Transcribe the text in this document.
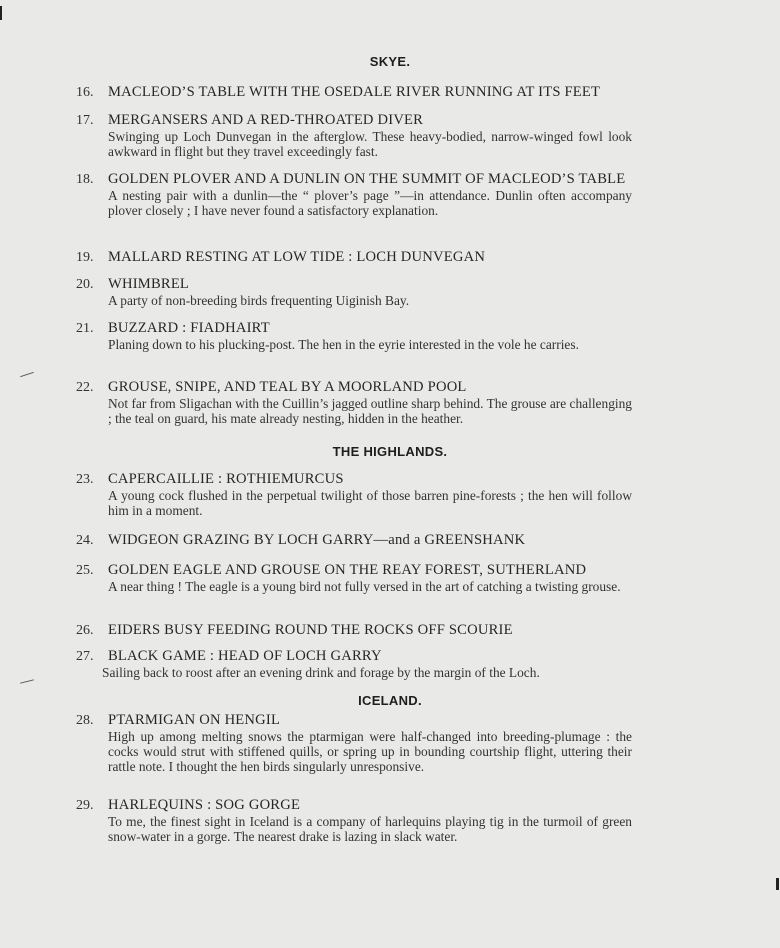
SKYE.
16. MACLEOD’S TABLE WITH THE OSEDALE RIVER RUNNING AT ITS FEET
17. MERGANSERS AND A RED-THROATED DIVER
Swinging up Loch Dunvegan in the afterglow. These heavy-bodied, narrow-winged fowl look awkward in flight but they travel exceedingly fast.
18. GOLDEN PLOVER AND A DUNLIN ON THE SUMMIT OF MACLEOD’S TABLE
A nesting pair with a dunlin—the “ plover’s page ”—in attendance. Dunlin often accompany plover closely ; I have never found a satisfactory explanation.
19. MALLARD RESTING AT LOW TIDE : LOCH DUNVEGAN
20. WHIMBREL
A party of non-breeding birds frequenting Uiginish Bay.
21. BUZZARD : FIADHAIRT
Planing down to his plucking-post. The hen in the eyrie interested in the vole he carries.
22. GROUSE, SNIPE, AND TEAL BY A MOORLAND POOL
Not far from Sligachan with the Cuillin’s jagged outline sharp behind. The grouse are challenging ; the teal on guard, his mate already nesting, hidden in the heather.
THE HIGHLANDS.
23. CAPERCAILLIE : ROTHIEMURCUS
A young cock flushed in the perpetual twilight of those barren pine-forests ; the hen will follow him in a moment.
24. WIDGEON GRAZING BY LOCH GARRY—and a GREENSHANK
25. GOLDEN EAGLE AND GROUSE ON THE REAY FOREST, SUTHERLAND
A near thing ! The eagle is a young bird not fully versed in the art of catching a twisting grouse.
26. EIDERS BUSY FEEDING ROUND THE ROCKS OFF SCOURIE
27. BLACK GAME : HEAD OF LOCH GARRY
Sailing back to roost after an evening drink and forage by the margin of the Loch.
ICELAND.
28. PTARMIGAN ON HENGIL
High up among melting snows the ptarmigan were half-changed into breeding-plumage : the cocks would strut with stiffened quills, or spring up in bounding courtship flight, uttering their rattle note. I thought the hen birds singularly unresponsive.
29. HARLEQUINS : SOG GORGE
To me, the finest sight in Iceland is a company of harlequins playing tig in the turmoil of green snow-water in a gorge. The nearest drake is lazing in slack water.
